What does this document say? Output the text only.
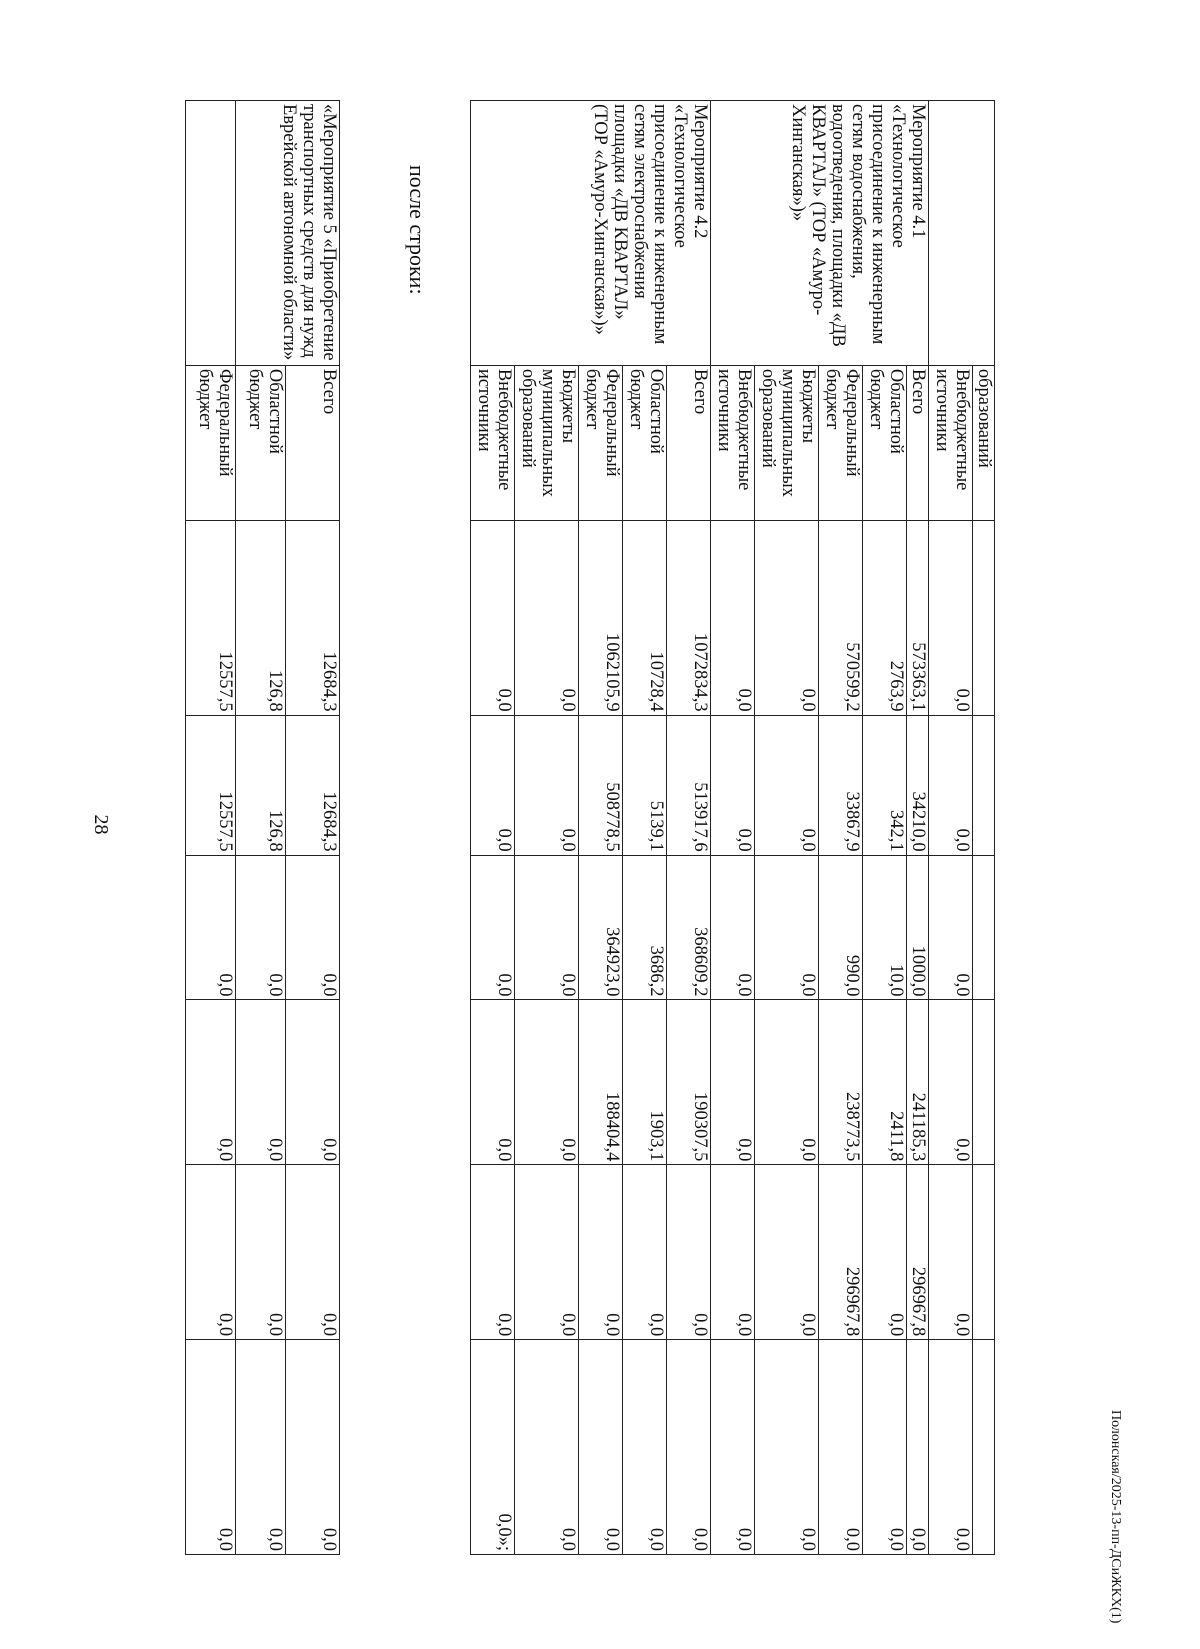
28
Полонская/2025-13-пп-ДСиЖКХ(1)
	образований						
	Внебюджетные источники	0,0	0,0	0,0	0,0	0,0	0,0
Мероприятие 4.1 «Технологическое присоединение к инженерным сетям водоснабжения, водоотведения, площадки «ДВ КВАРТАЛ» (ТОР «Амуро-Хинганская»)»	Всего	573363,1	34210,0	1000,0	241185,3	296967,8	0,0
	Областной бюджет	2763,9	342,1	10,0	2411,8	0,0	0,0
	Федеральный бюджет	570599,2	33867,9	990,0	238773,5	296967,8	0,0
	Бюджеты муниципальных образований	0,0	0,0	0,0	0,0	0,0	0,0
	Внебюджетные источники	0,0	0,0	0,0	0,0	0,0	0,0
Мероприятие 4.2 «Технологическое присоединение к инженерным сетям электроснабжения площадки «ДВ КВАРТАЛ» (ТОР «Амуро-Хинганская»)»	Всего	1072834,3	513917,6	368609,2	190307,5	0,0	0,0
	Областной бюджет	10728,4	5139,1	3686,2	1903,1	0,0	0,0
	Федеральный бюджет	1062105,9	508778,5	364923,0	188404,4	0,0	0,0
	Бюджеты муниципальных образований	0,0	0,0	0,0	0,0	0,0	0,0
	Внебюджетные источники	0,0	0,0	0,0	0,0	0,0	0,0»;
после строки:
«Мероприятие 5 «Приобретение транспортных средств для нужд Еврейской автономной области»	Всего	12684,3	12684,3	0,0	0,0	0,0	0,0
	Областной бюджет	126,8	126,8	0,0	0,0	0,0	0,0
	Федеральный бюджет	12557,5	12557,5	0,0	0,0	0,0	0,0
